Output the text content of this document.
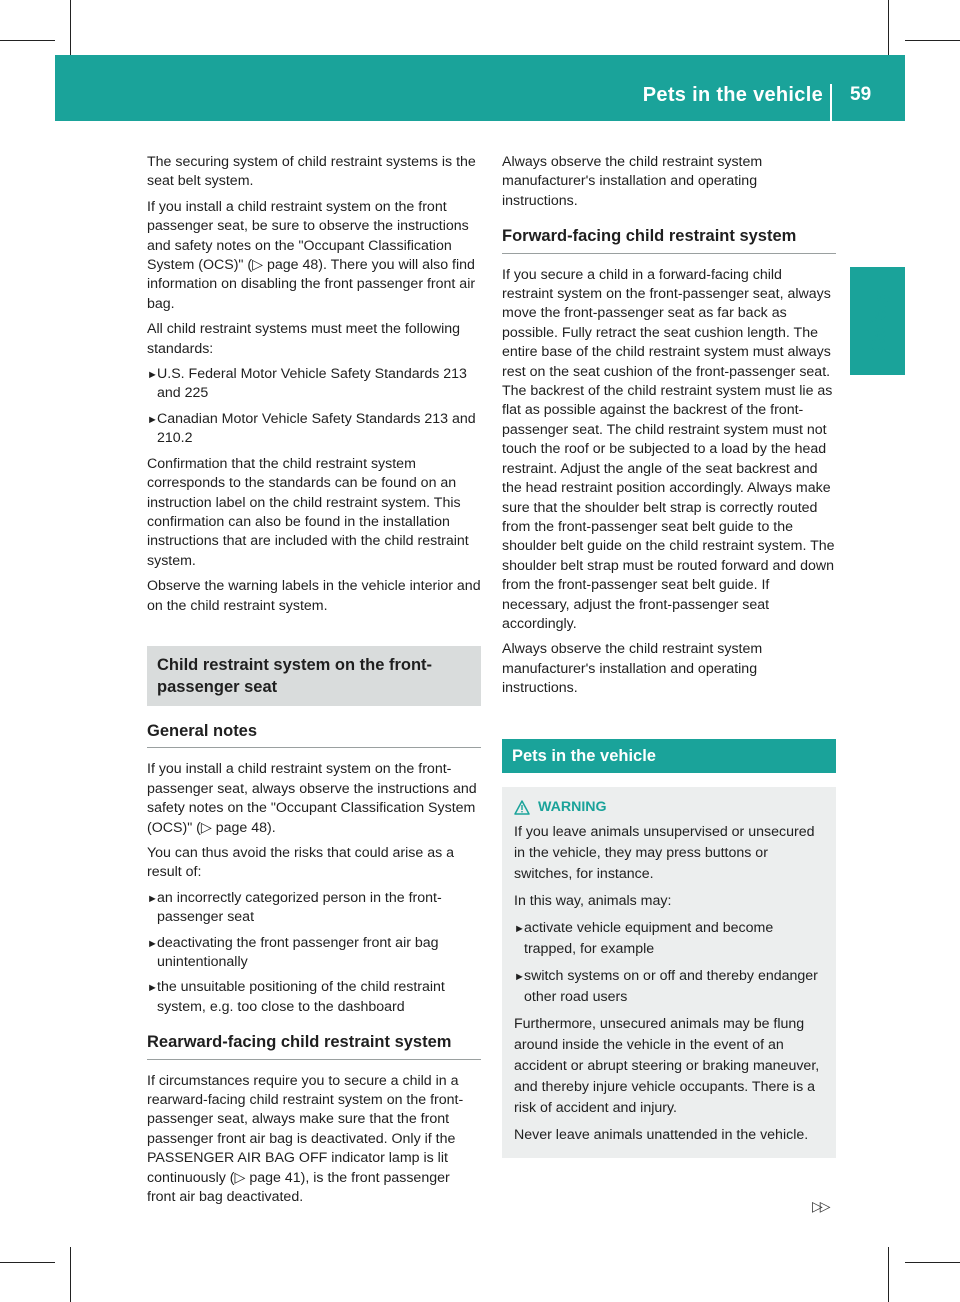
Pets in the vehicle 59
Safety

The securing system of child restraint systems is the seat belt system.

If you install a child restraint system on the front passenger seat, be sure to observe the instructions and safety notes on the "Occupant Classification System (OCS)" (▷ page 48). There you will also find information on disabling the front passenger front air bag.

All child restraint systems must meet the following standards:

► U.S. Federal Motor Vehicle Safety Standards 213 and 225
► Canadian Motor Vehicle Safety Standards 213 and 210.2

Confirmation that the child restraint system corresponds to the standards can be found on an instruction label on the child restraint system. This confirmation can also be found in the installation instructions that are included with the child restraint system.

Observe the warning labels in the vehicle interior and on the child restraint system.

Child restraint system on the front-passenger seat
General notes

If you install a child restraint system on the front-passenger seat, always observe the instructions and safety notes on the "Occupant Classification System (OCS)" (▷ page 48).

You can thus avoid the risks that could arise as a result of:

► an incorrectly categorized person in the front-passenger seat
► deactivating the front passenger front air bag unintentionally
► the unsuitable positioning of the child restraint system, e.g. too close to the dashboard
Rearward-facing child restraint system

If circumstances require you to secure a child in a rearward-facing child restraint system on the front-passenger seat, always make sure that the front passenger front air bag is deactivated. Only if the PASSENGER AIR BAG OFF indicator lamp is lit continuously (▷ page 41), is the front passenger front air bag deactivated.

Always observe the child restraint system manufacturer's installation and operating instructions.

Forward-facing child restraint system

If you secure a child in a forward-facing child restraint system on the front-passenger seat, always move the front-passenger seat as far back as possible. Fully retract the seat cushion length. The entire base of the child restraint system must always rest on the seat cushion of the front-passenger seat. The backrest of the child restraint system must lie as flat as possible against the backrest of the front-passenger seat. The child restraint system must not touch the roof or be subjected to a load by the head restraint. Adjust the angle of the seat backrest and the head restraint position accordingly. Always make sure that the shoulder belt strap is correctly routed from the front-passenger seat belt guide to the shoulder belt guide on the child restraint system. The shoulder belt strap must be routed forward and down from the front-passenger seat belt guide. If necessary, adjust the front-passenger seat accordingly.

Always observe the child restraint system manufacturer's installation and operating instructions.

Pets in the vehicle
WARNING

If you leave animals unsupervised or unsecured in the vehicle, they may press buttons or switches, for instance.

In this way, animals may:

► activate vehicle equipment and become trapped, for example
► switch systems on or off and thereby endanger other road users

Furthermore, unsecured animals may be flung around inside the vehicle in the event of an accident or abrupt steering or braking maneuver, and thereby injure vehicle occupants. There is a risk of accident and injury.

Never leave animals unattended in the vehicle.

▷▷
